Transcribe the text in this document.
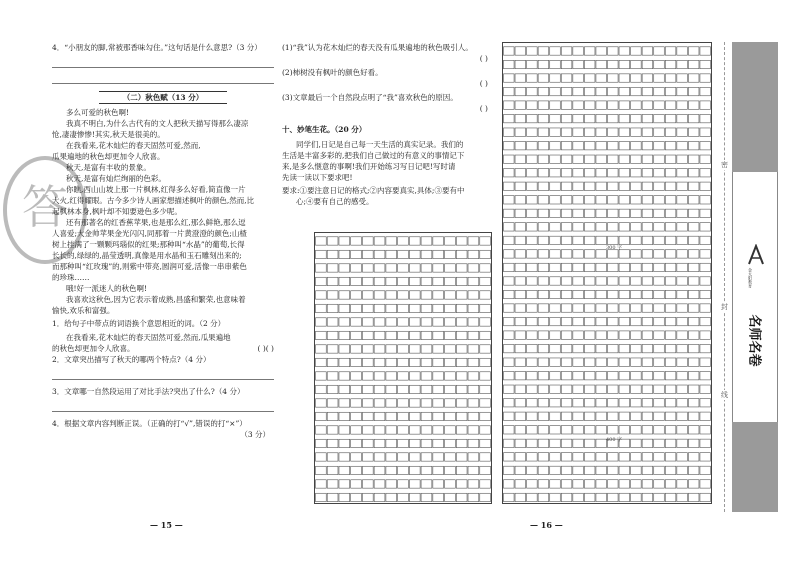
答
4．“小朋友的脚,常被那香味勾住。”这句话是什么意思?（3 分）
（二）秋色赋（13 分）
多么可爱的秋色啊!
我真不明白,为什么古代有的文人把秋天描写得那么凄凉
怆,凄凄惨惨!其实,秋天是很美的。
在我看来,花木灿烂的春天固然可爱,然而,
瓜果遍地的秋色却更加令人欣喜。
秋天,是富有丰收的景象。
秋天,是富有灿烂绚丽的色彩。
你瞧,西山山坡上那一片枫林,红得多么好看,简直像一片
大火,红得耀眼。古今多少诗人画家想描述枫叶的颜色,然而,比
起枫林本身,枫叶却不知要逊色多少呢。
还有那著名的红香蕉苹果,也是那么红,那么鲜艳,那么逗
人喜爱;大金帅苹果金光闪闪,同那着一片黄澄澄的颜色;山楂
树上挂满了一颗颗玛瑙似的红果;那种叫“水晶”的葡萄,长得
长长的,绿绿的,晶莹透明,真像是用水晶和玉石雕刻出来的;
而那种叫“红玫瑰”的,则紫中带亮,圆润可爱,活像一串串紫色
的珍珠……
哦!好一派迷人的秋色啊!
我喜欢这秋色,因为它表示着成熟,昌盛和繁荣,也意味着
愉快,欢乐和富强。
1．给句子中带点的词语换个意思相近的词。（2 分）
在我看来,花木灿烂的春天固然可爱,然而,瓜果遍地
的秋色却更加令人欣喜。	( )( )
2．文章突出描写了秋天的哪两个特点?（4 分）
3．文章哪一自然段运用了对比手法?突出了什么?（4 分）
4．根据文章内容判断正误。（正确的打“√”,错误的打“×”）
（3 分）
— 15 —
(1)“我”认为花木灿烂的春天没有瓜果遍地的秋色吸引人。
( )
(2)柿树没有枫叶的颜色好看。
( )
(3)文章最后一个自然段点明了“我”喜欢秋色的原因。
( )
十、妙笔生花。（20 分）
同学们,日记是自己每一天生活的真实记录。我们的
生活是丰富多彩的,把我们自己做过的有意义的事情记下
来,是多么惬意的事啊!我们开始练习写日记吧!写时请
先读一读以下要求吧!
要求:①要注意日记的格式;②内容要真实,具体;③要有中
心;④要有自己的感受。
— 16 —
300 字
400 字
密
封
线
金太阳教育
名师名卷
